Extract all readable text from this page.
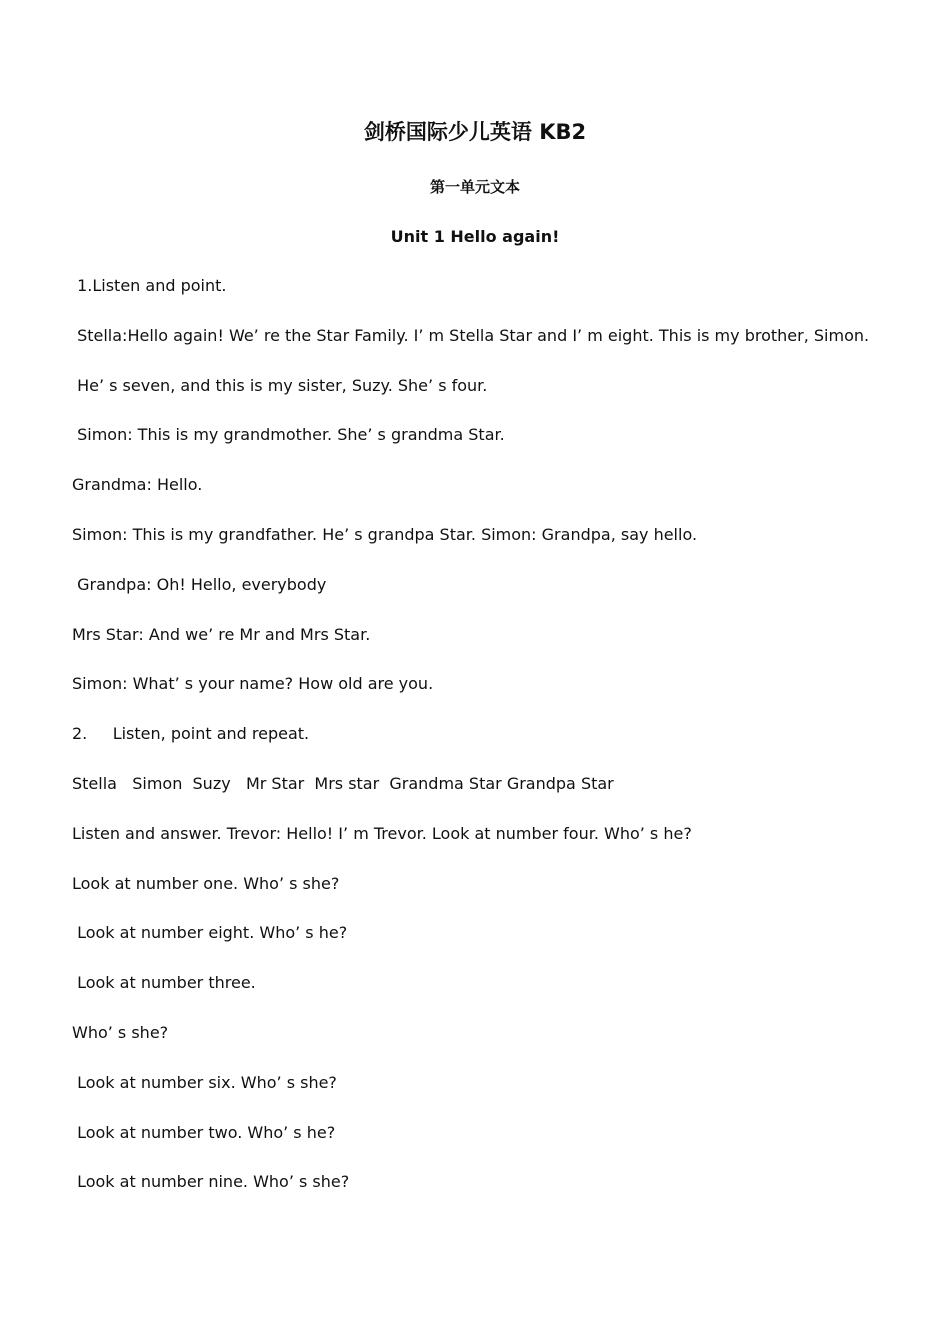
剑桥国际少儿英语 KB2
第一单元文本
Unit 1 Hello again!
1.Listen and point.
Stella:Hello again! We’ re the Star Family. I’ m Stella Star and I’ m eight. This is my brother, Simon.
He’ s seven, and this is my sister, Suzy. She’ s four.
Simon: This is my grandmother. She’ s grandma Star.
Grandma: Hello.
Simon: This is my grandfather. He’ s grandpa Star. Simon: Grandpa, say hello.
Grandpa: Oh! Hello, everybody
Mrs Star: And we’ re Mr and Mrs Star.
Simon: What’ s your name? How old are you.
2.     Listen, point and repeat.
Stella   Simon  Suzy   Mr Star  Mrs star  Grandma Star Grandpa Star
Listen and answer. Trevor: Hello! I’ m Trevor. Look at number four. Who’ s he?
Look at number one. Who’ s she?
Look at number eight. Who’ s he?
Look at number three.
Who’ s she?
Look at number six. Who’ s she?
Look at number two. Who’ s he?
Look at number nine. Who’ s she?
